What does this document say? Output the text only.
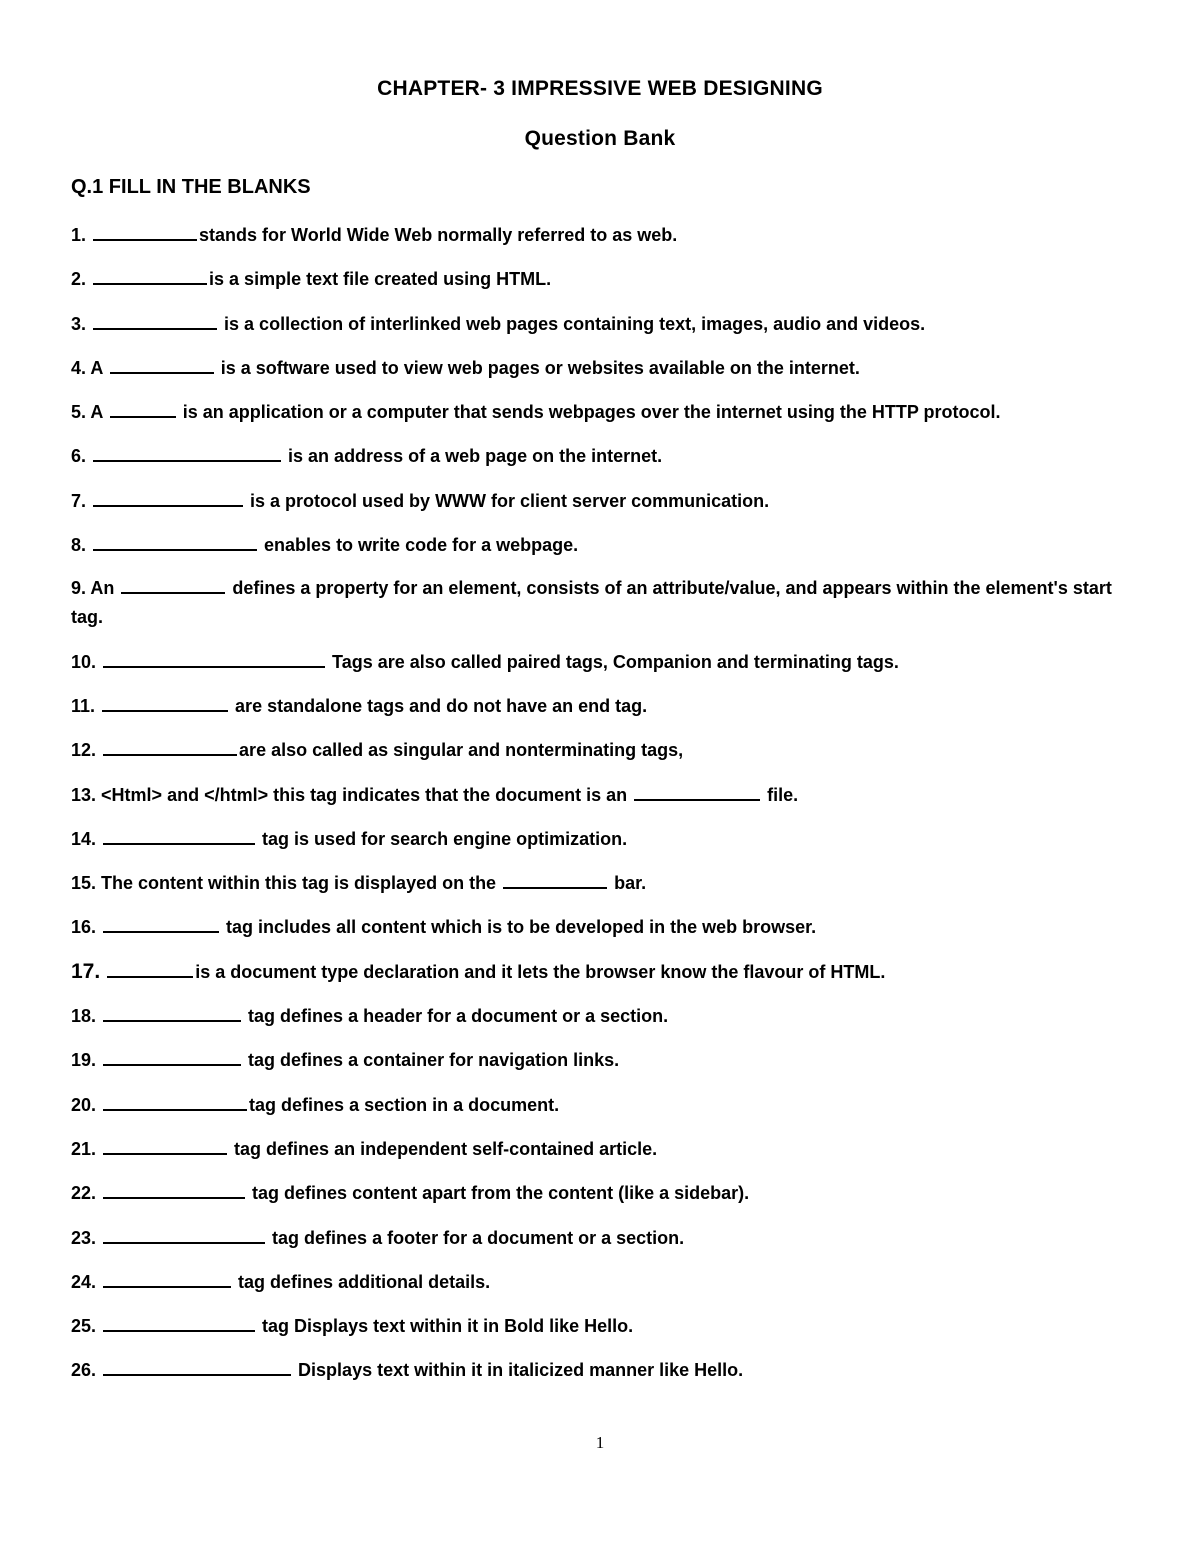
CHAPTER- 3 IMPRESSIVE WEB DESIGNING
Question Bank
Q.1 FILL IN THE BLANKS
1.	stands for World Wide Web normally referred to as web.
2.	is a simple text file created using HTML.
3.	is a collection of interlinked web pages containing text, images, audio and videos.
4. A	is a software used to view web pages or websites available on the internet.
5. A	is an application or a computer that sends webpages over the internet using the HTTP protocol.
6.	is an address of a web page on the internet.
7.	is a protocol used by WWW for client server communication.
8.	enables to write code for a webpage.
9. An	defines a property for an element, consists of an attribute/value, and appears within the element's start tag.
10.	Tags are also called paired tags, Companion and terminating tags.
11.	are standalone tags and do not have an end tag.
12.	are also called as singular and nonterminating tags,
13. <Html> and </html> this tag indicates that the document is an	file.
14.	tag is used for search engine optimization.
15. The content within this tag is displayed on the	bar.
16.	tag includes all content which is to be developed in the web browser.
17.	is a document type declaration and it lets the browser know the flavour of HTML.
18.	tag defines a header for a document or a section.
19.	tag defines a container for navigation links.
20.	tag defines a section in a document.
21.	tag defines an independent self-contained article.
22.	tag defines content apart from the content (like a sidebar).
23.	tag defines a footer for a document or a section.
24.	tag defines additional details.
25.	tag Displays text within it in Bold like Hello.
26.	Displays text within it in italicized manner like Hello.
1
